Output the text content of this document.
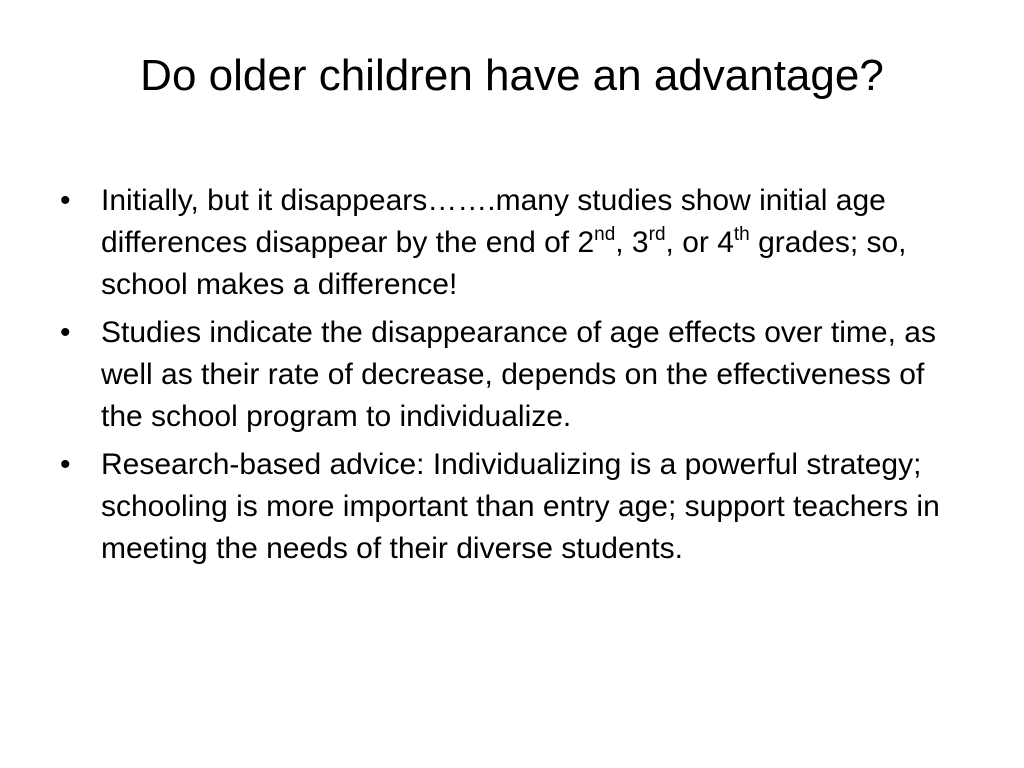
Do older children have an advantage?
• Initially, but it disappears…….many studies show initial age differences disappear by the end of 2nd, 3rd, or 4th grades; so, school makes a difference!
• Studies indicate the disappearance of age effects over time, as well as their rate of decrease, depends on the effectiveness of the school program to individualize.
• Research-based advice: Individualizing is a powerful strategy; schooling is more important than entry age; support teachers in meeting the needs of their diverse students.
